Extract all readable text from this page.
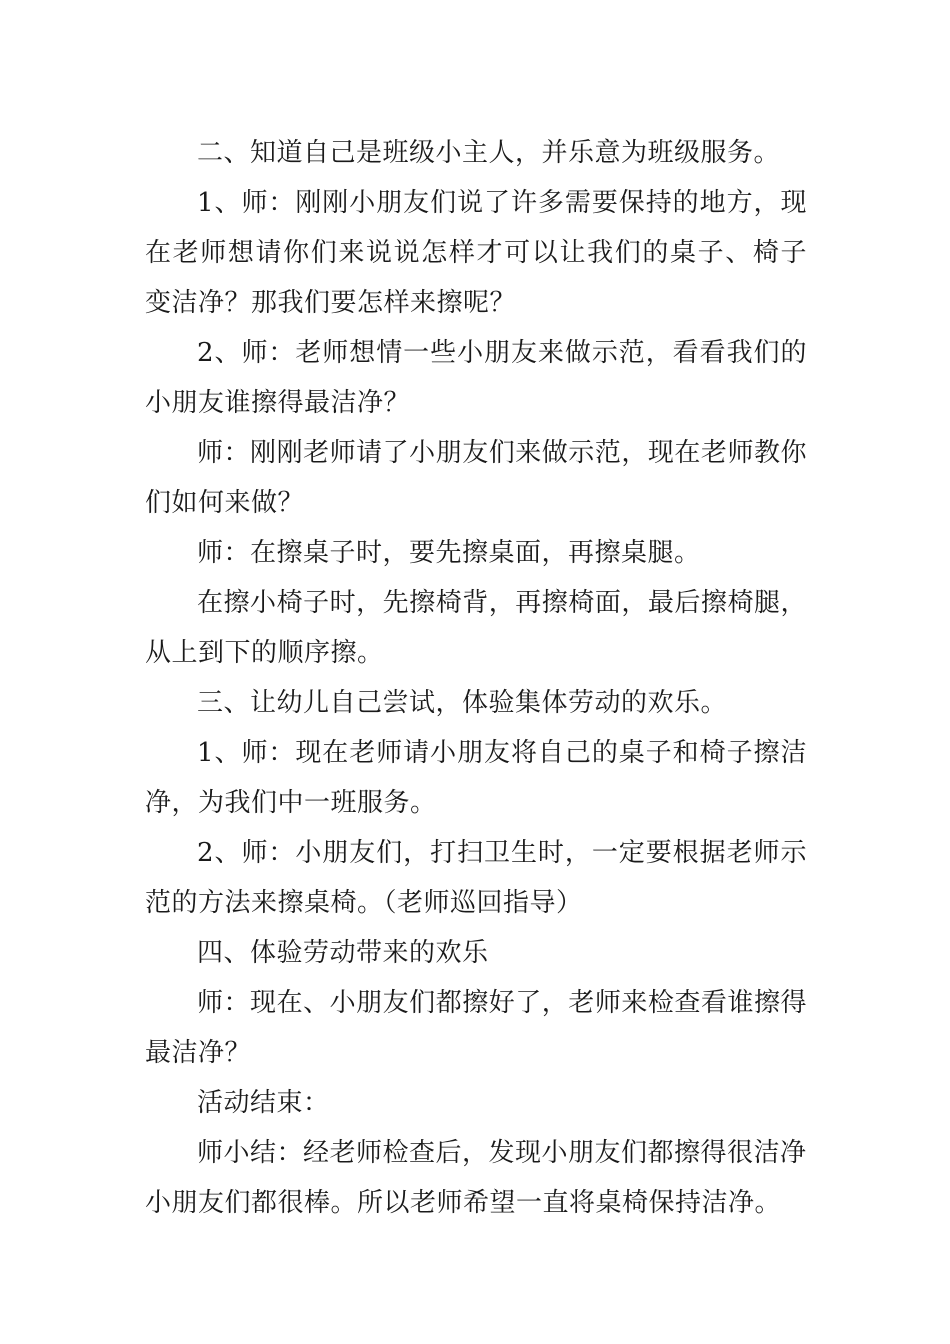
二、知道自己是班级小主人，并乐意为班级服务。

1、师：刚刚小朋友们说了许多需要保持的地方，现在老师想请你们来说说怎样才可以让我们的桌子、椅子变洁净？那我们要怎样来擦呢？

2、师：老师想情一些小朋友来做示范，看看我们的小朋友谁擦得最洁净？

师：刚刚老师请了小朋友们来做示范，现在老师教你们如何来做？

师：在擦桌子时，要先擦桌面，再擦桌腿。

在擦小椅子时，先擦椅背，再擦椅面，最后擦椅腿，从上到下的顺序擦。

三、让幼儿自己尝试，体验集体劳动的欢乐。

1、师：现在老师请小朋友将自己的桌子和椅子擦洁净，为我们中一班服务。

2、师：小朋友们，打扫卫生时，一定要根据老师示范的方法来擦桌椅。（老师巡回指导）

四、体验劳动带来的欢乐

师：现在、小朋友们都擦好了，老师来检查看谁擦得最洁净？

活动结束：

师小结：经老师检查后，发现小朋友们都擦得很洁净

小朋友们都很棒。所以老师希望一直将桌椅保持洁净。
